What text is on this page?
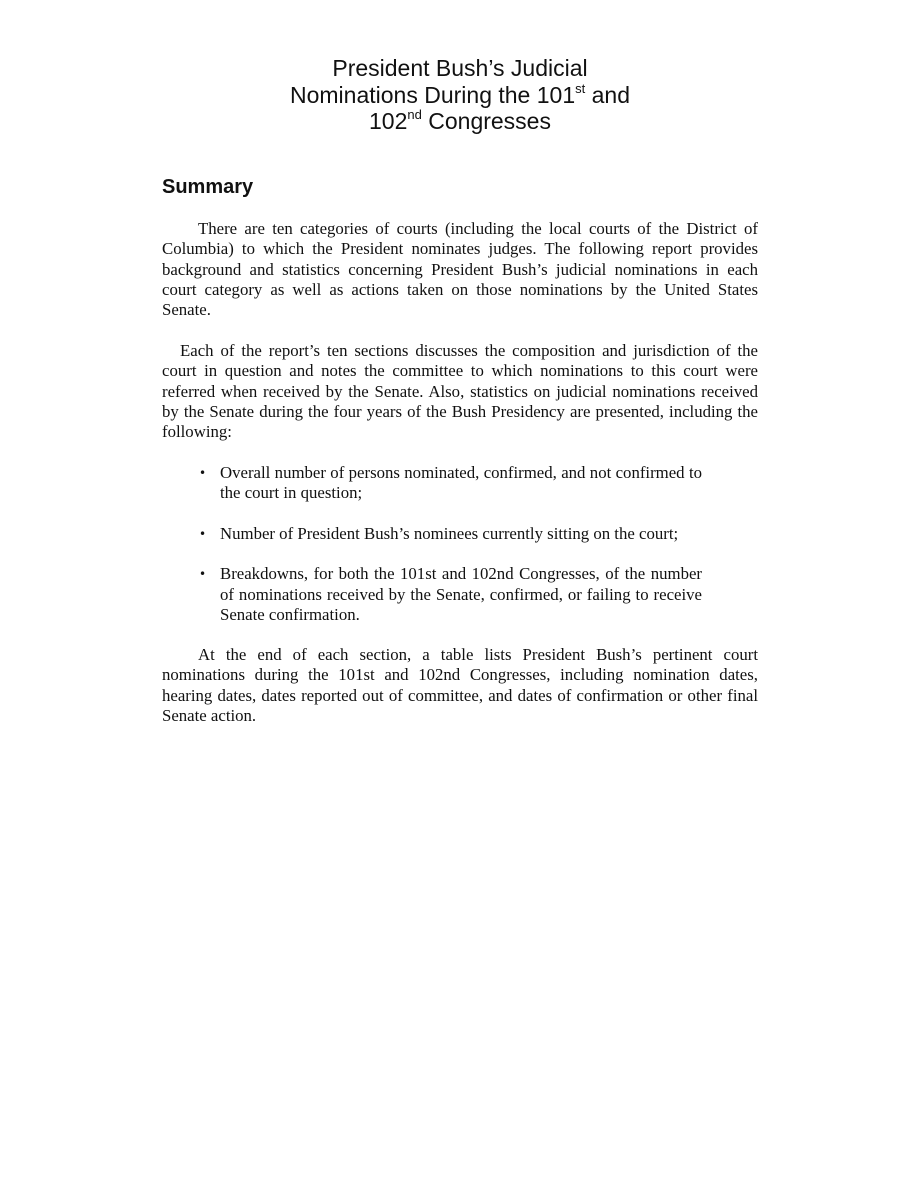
President Bush’s Judicial
Nominations During the 101st and
102nd Congresses
Summary

There are ten categories of courts (including the local courts of the District of Columbia) to which the President nominates judges. The following report provides background and statistics concerning President Bush’s judicial nominations in each court category as well as actions taken on those nominations by the United States Senate.

Each of the report’s ten sections discusses the composition and jurisdiction of the court in question and notes the committee to which nominations to this court were referred when received by the Senate. Also, statistics on judicial nominations received by the Senate during the four years of the Bush Presidency are presented, including the following:

• Overall number of persons nominated, confirmed, and not confirmed to the court in question;
• Number of President Bush’s nominees currently sitting on the court;
• Breakdowns, for both the 101st and 102nd Congresses, of the number of nominations received by the Senate, confirmed, or failing to receive Senate confirmation.

At the end of each section, a table lists President Bush’s pertinent court nominations during the 101st and 102nd Congresses, including nomination dates, hearing dates, dates reported out of committee, and dates of confirmation or other final Senate action.
